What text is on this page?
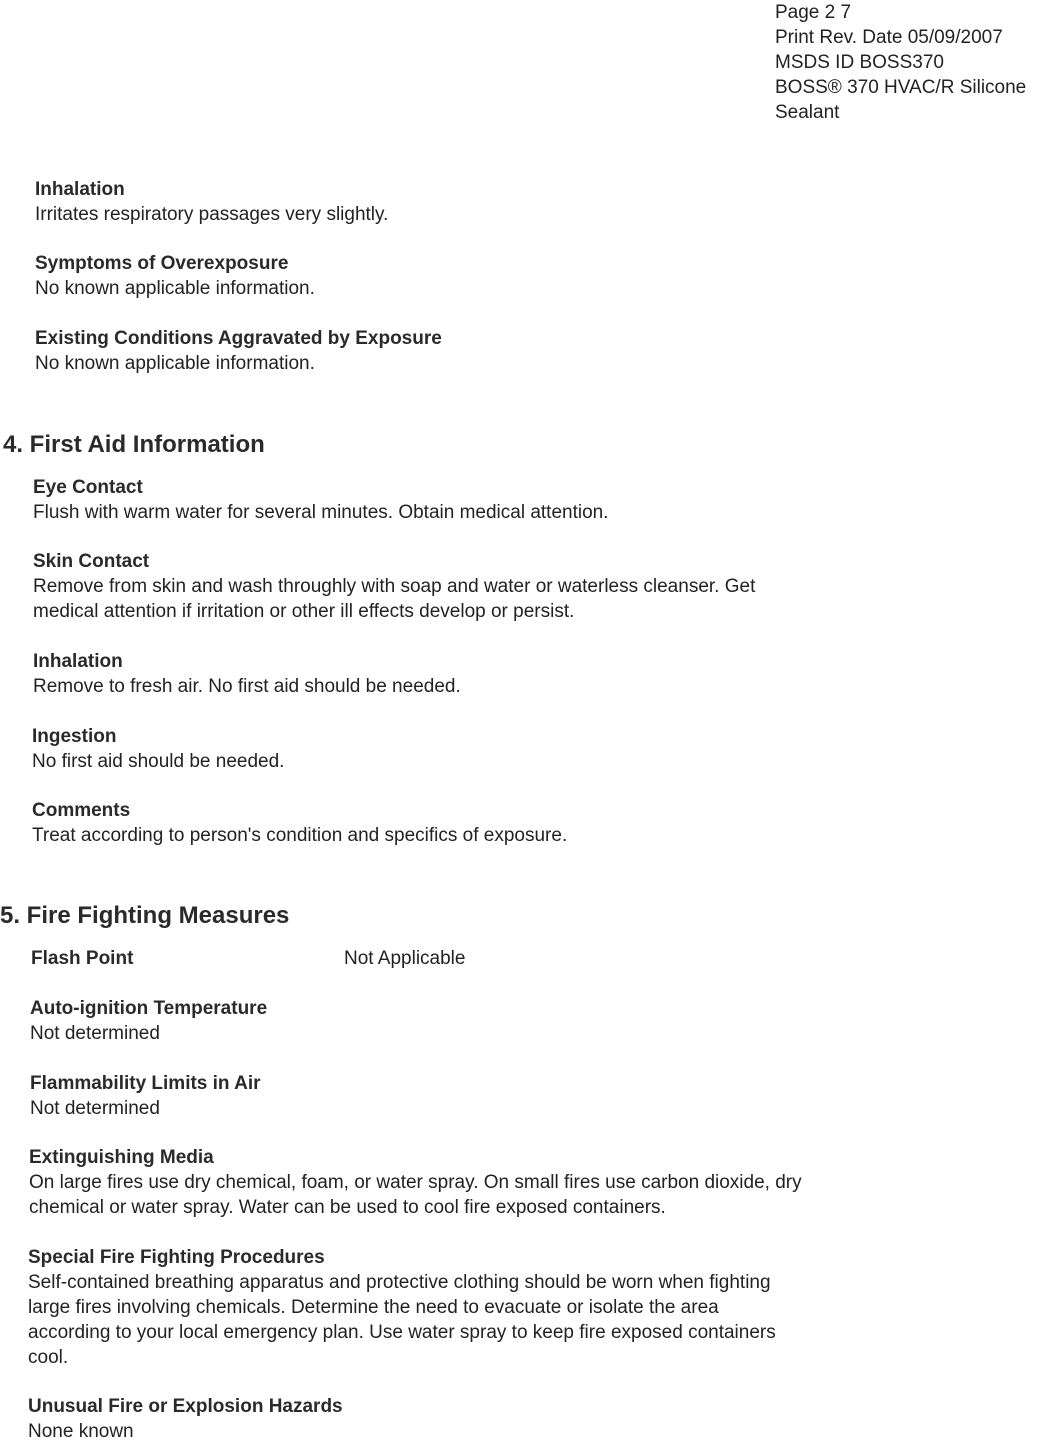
Page 2 7
Print Rev. Date 05/09/2007
MSDS ID BOSS370
BOSS® 370 HVAC/R Silicone
Sealant
Inhalation
Irritates respiratory passages very slightly.
Symptoms of Overexposure
No known applicable information.
Existing Conditions Aggravated by Exposure
No known applicable information.
4. First Aid Information
Eye Contact
Flush with warm water for several minutes. Obtain medical attention.
Skin Contact
Remove from skin and wash throughly with soap and water or waterless cleanser. Get
medical attention if irritation or other ill effects develop or persist.
Inhalation
Remove to fresh air. No first aid should be needed.
Ingestion
No first aid should be needed.
Comments
Treat according to person's condition and specifics of exposure.
5. Fire Fighting Measures
Flash Point	Not Applicable
Auto-ignition Temperature
Not determined
Flammability Limits in Air
Not determined
Extinguishing Media
On large fires use dry chemical, foam, or water spray. On small fires use carbon dioxide, dry
chemical or water spray. Water can be used to cool fire exposed containers.
Special Fire Fighting Procedures
Self-contained breathing apparatus and protective clothing should be worn when fighting
large fires involving chemicals. Determine the need to evacuate or isolate the area
according to your local emergency plan. Use water spray to keep fire exposed containers
cool.
Unusual Fire or Explosion Hazards
None known
